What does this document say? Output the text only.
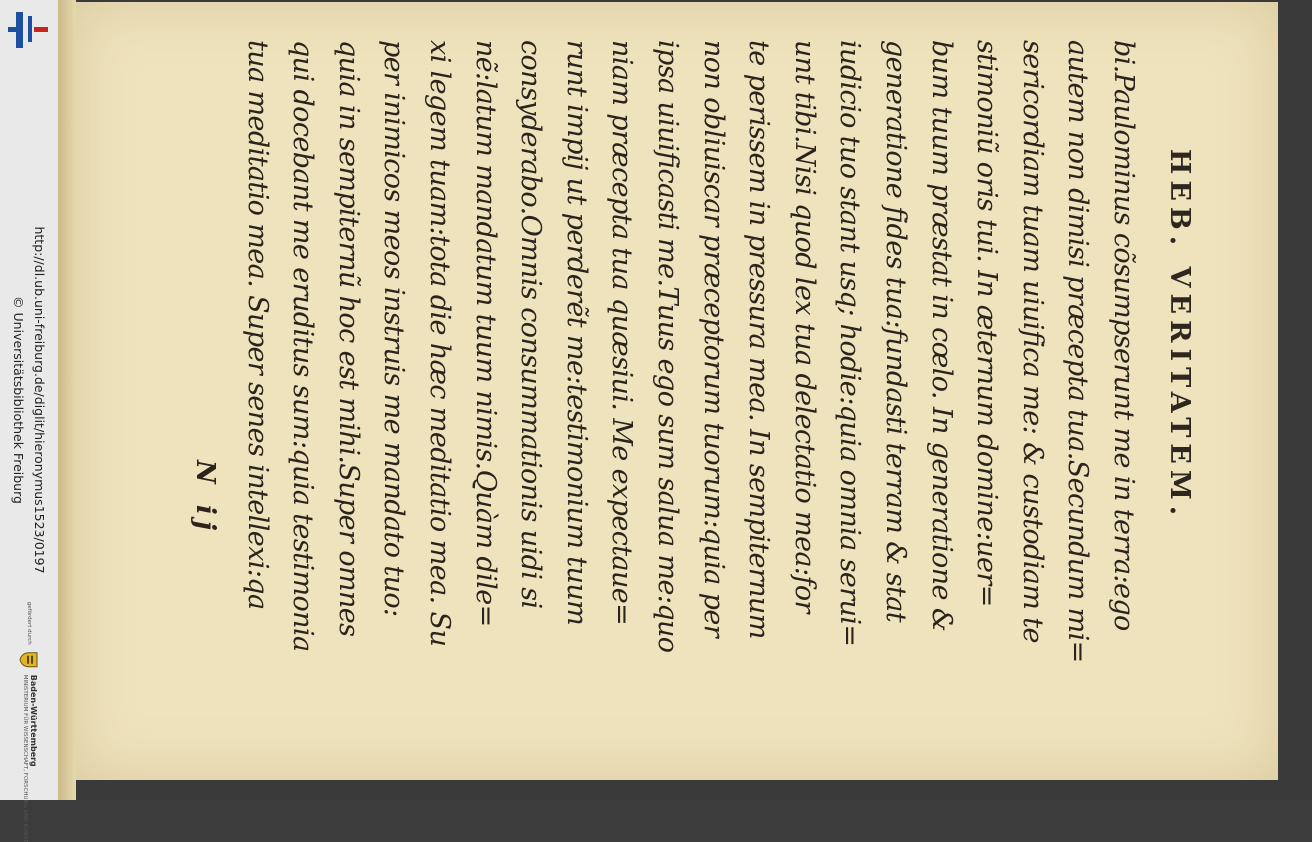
http://dl.ub.uni-freiburg.de/diglit/hieronymus1523/0197
© Universitätsbibliothek Freiburg
gefördert durch
Baden-Württemberg
MINISTERIUM FÜR WISSENSCHAFT, FORSCHUNG UND KUNST
HEB. VERITATEM.
bi.Paulominus cõsumpserunt me in terra:ego
autem non dimisi præcepta tua.Secundum mi=
sericordiam tuam uiuifica me: & custodiam te
stimoniũ oris tui. In æternum domine:uer=
bum tuum præstat in cœlo. In generatione &
generatione fides tua:fundasti terram & stat
iudicio tuo stant usq; hodie:quia omnia serui=
unt tibi.Nisi quod lex tua delectatio mea:for
te perissem in pressura mea. In sempiternum
non obliuiscar præceptorum tuorum:quia per
ipsa uiuificasti me.Tuus ego sum salua me:quo
niam præcepta tua quæsiui. Me expectaue=
runt impij ut perderẽt me:testimonium tuum
consyderabo.Omnis consummationis uidi si
nẽ:latum mandatum tuum nimis.Quàm dile=
xi legem tuam:tota die hæc meditatio mea. Su
per inimicos meos instruis me mandato tuo:
quia in sempiternũ hoc est mihi.Super omnes
qui docebant me eruditus sum:quia testimonia
tua meditatio mea. Super senes intellexi:qa
N ij
